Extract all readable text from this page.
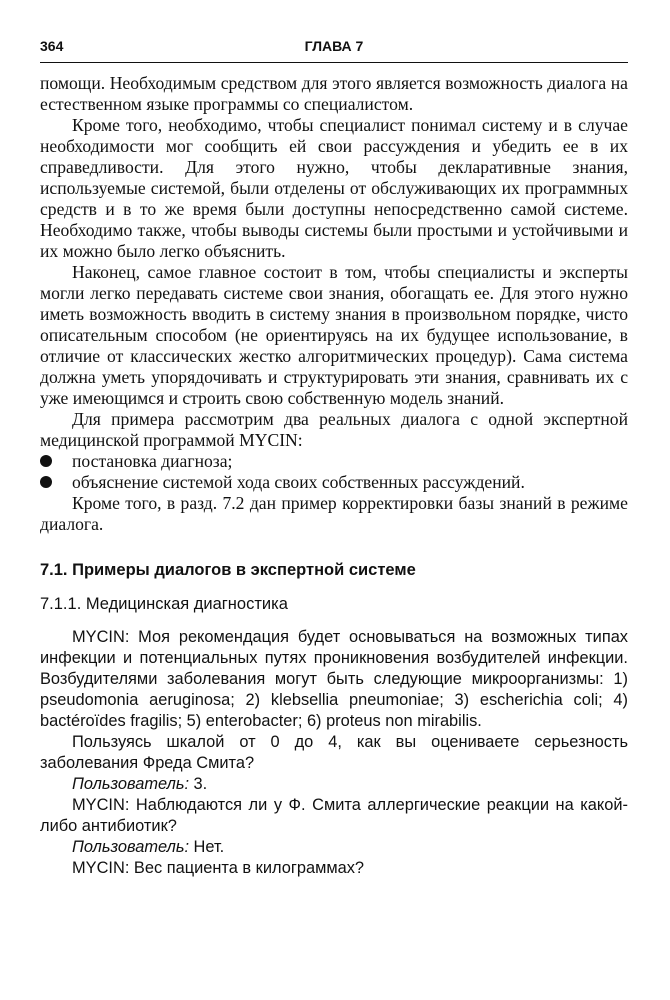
364	ГЛАВА 7

помощи. Необходимым средством для этого является возможность диалога на естественном языке программы со специалистом.

Кроме того, необходимо, чтобы специалист понимал систему и в случае необходимости мог сообщить ей свои рассуждения и убедить ее в их справедливости. Для этого нужно, чтобы декларативные знания, используемые системой, были отделены от обслуживающих их программных средств и в то же время были доступны непосредственно самой системе. Необходимо также, чтобы выводы системы были простыми и устойчивыми и их можно было легко объяснить.

Наконец, самое главное состоит в том, чтобы специалисты и эксперты могли легко передавать системе свои знания, обогащать ее. Для этого нужно иметь возможность вводить в систему знания в произвольном порядке, чисто описательным способом (не ориентируясь на их будущее использование, в отличие от классических жестко алгоритмических процедур). Сама система должна уметь упорядочивать и структурировать эти знания, сравнивать их с уже имеющимся и строить свою собственную модель знаний.

Для примера рассмотрим два реальных диалога с одной экспертной медицинской программой MYCIN:

постановка диагноза;
объяснение системой хода своих собственных рассуждений.

Кроме того, в разд. 7.2 дан пример корректировки базы знаний в режиме диалога.

7.1. Примеры диалогов в экспертной системе
7.1.1. Медицинская диагностика

MYCIN: Моя рекомендация будет основываться на возможных типах инфекции и потенциальных путях проникновения возбудителей инфекции. Возбудителями заболевания могут быть следующие микроорганизмы: 1) pseudomonia aeruginosa; 2) klebsellia pneumoniae; 3) escherichia coli; 4) bactéroïdes fragilis; 5) enterobacter; 6) proteus non mirabilis.

Пользуясь шкалой от 0 до 4, как вы оцениваете серьезность заболевания Фреда Смита?

Пользователь: 3.

MYCIN: Наблюдаются ли у Ф. Смита аллергические реакции на какой-либо антибиотик?

Пользователь: Нет.

MYCIN: Вес пациента в килограммах?
